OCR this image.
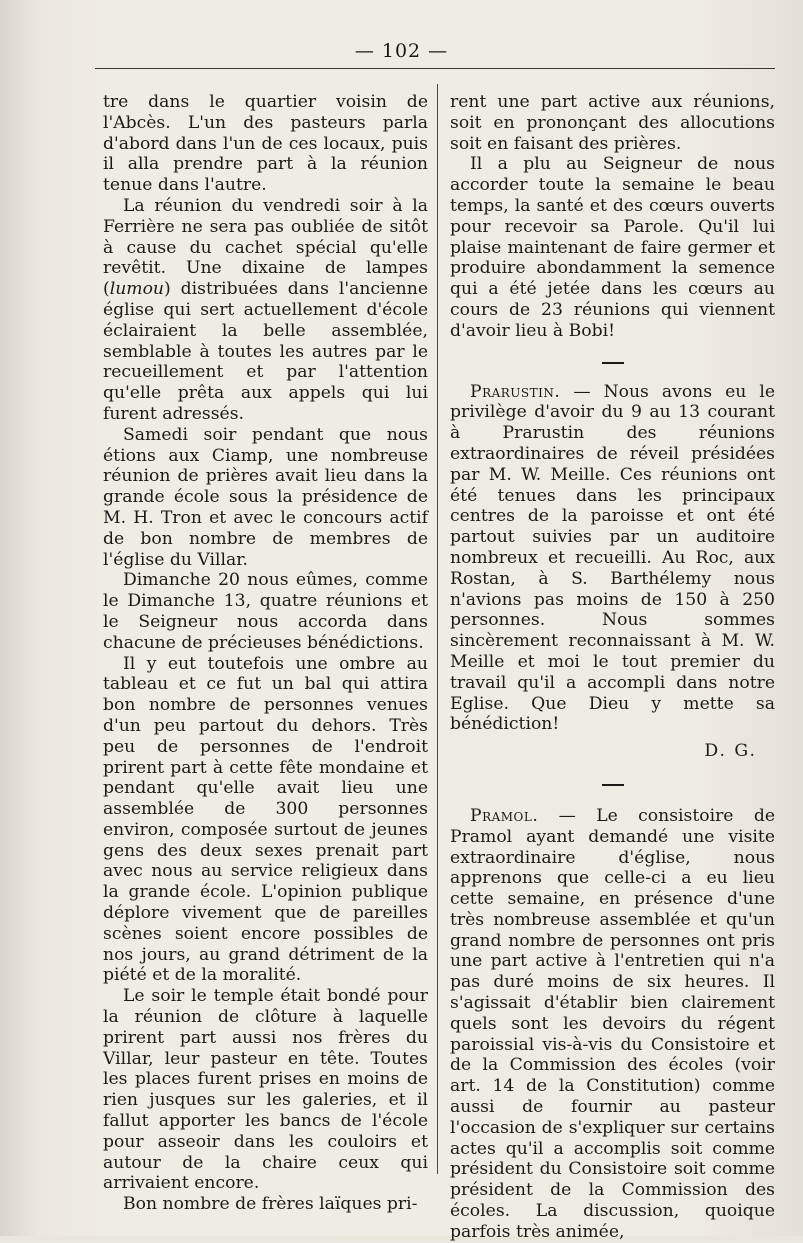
— 102 —

tre dans le quartier voisin de l'Abcès. L'un des pasteurs parla d'abord dans l'un de ces locaux, puis il alla prendre part à la réunion tenue dans l'autre.

La réunion du vendredi soir à la Ferrière ne sera pas oubliée de sitôt à cause du cachet spécial qu'elle revêtit. Une dixaine de lampes (lumou) distribuées dans l'ancienne église qui sert actuellement d'école éclairaient la belle assemblée, semblable à toutes les autres par le recueillement et par l'attention qu'elle prêta aux appels qui lui furent adressés.

Samedi soir pendant que nous étions aux Ciamp, une nombreuse réunion de prières avait lieu dans la grande école sous la présidence de M. H. Tron et avec le concours actif de bon nombre de membres de l'église du Villar.

Dimanche 20 nous eûmes, comme le Dimanche 13, quatre réunions et le Seigneur nous accorda dans chacune de précieuses bénédictions.

Il y eut toutefois une ombre au tableau et ce fut un bal qui attira bon nombre de personnes venues d'un peu partout du dehors. Très peu de personnes de l'endroit prirent part à cette fête mondaine et pendant qu'elle avait lieu une assemblée de 300 personnes environ, composée surtout de jeunes gens des deux sexes prenait part avec nous au service religieux dans la grande école. L'opinion publique déplore vivement que de pareilles scènes soient encore possibles de nos jours, au grand détriment de la piété et de la moralité.

Le soir le temple était bondé pour la réunion de clôture à laquelle prirent part aussi nos frères du Villar, leur pasteur en tête. Toutes les places furent prises en moins de rien jusques sur les galeries, et il fallut apporter les bancs de l'école pour asseoir dans les couloirs et autour de la chaire ceux qui arrivaient encore.

Bon nombre de frères laïques pri-

rent une part active aux réunions, soit en prononçant des allocutions soit en faisant des prières.

Il a plu au Seigneur de nous accorder toute la semaine le beau temps, la santé et des cœurs ouverts pour recevoir sa Parole. Qu'il lui plaise maintenant de faire germer et produire abondamment la semence qui a été jetée dans les cœurs au cours de 23 réunions qui viennent d'avoir lieu à Bobi!

Prarustin. — Nous avons eu le privilège d'avoir du 9 au 13 courant à Prarustin des réunions extraordinaires de réveil présidées par M. W. Meille. Ces réunions ont été tenues dans les principaux centres de la paroisse et ont été partout suivies par un auditoire nombreux et recueilli. Au Roc, aux Rostan, à S. Barthélemy nous n'avions pas moins de 150 à 250 personnes. Nous sommes sincèrement reconnaissant à M. W. Meille et moi le tout premier du travail qu'il a accompli dans notre Eglise. Que Dieu y mette sa bénédiction!

D. G.

Pramol. — Le consistoire de Pramol ayant demandé une visite extraordinaire d'église, nous apprenons que celle-ci a eu lieu cette semaine, en présence d'une très nombreuse assemblée et qu'un grand nombre de personnes ont pris une part active à l'entretien qui n'a pas duré moins de six heures. Il s'agissait d'établir bien clairement quels sont les devoirs du régent paroissial vis-à-vis du Consistoire et de la Commission des écoles (voir art. 14 de la Constitution) comme aussi de fournir au pasteur l'occasion de s'expliquer sur certains actes qu'il a accomplis soit comme président du Consistoire soit comme président de la Commission des écoles. La discussion, quoique parfois très animée,
